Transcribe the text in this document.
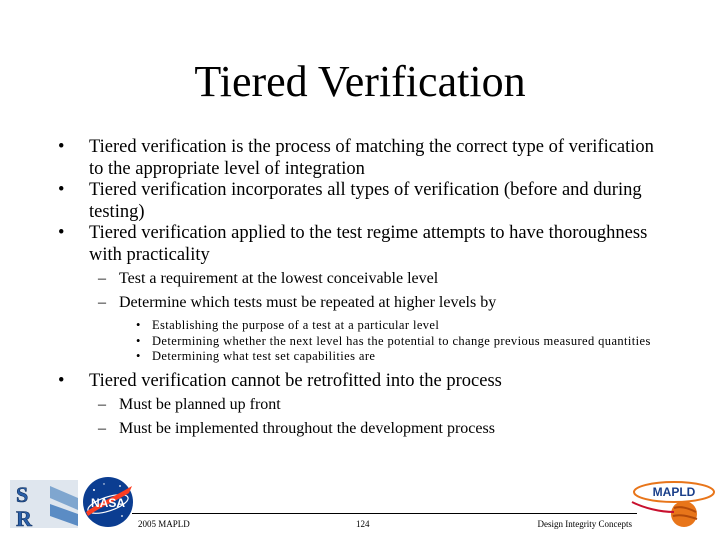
Tiered Verification
• Tiered verification is the process of matching the correct type of verification to the appropriate level of integration
• Tiered verification incorporates all types of verification (before and during testing)
• Tiered verification applied to the test regime attempts to have thoroughness with practicality
– Test a requirement at the lowest conceivable level
– Determine which tests must be repeated at higher levels by
• Establishing the purpose of a test at a particular level
• Determining whether the next level has the potential to change previous measured quantities
• Determining what test set capabilities are
• Tiered verification cannot be retrofitted into the process
– Must be planned up front
– Must be implemented throughout the development process
S
R
NASA
MAPLD
2005 MAPLD	124	Design Integrity Concepts
